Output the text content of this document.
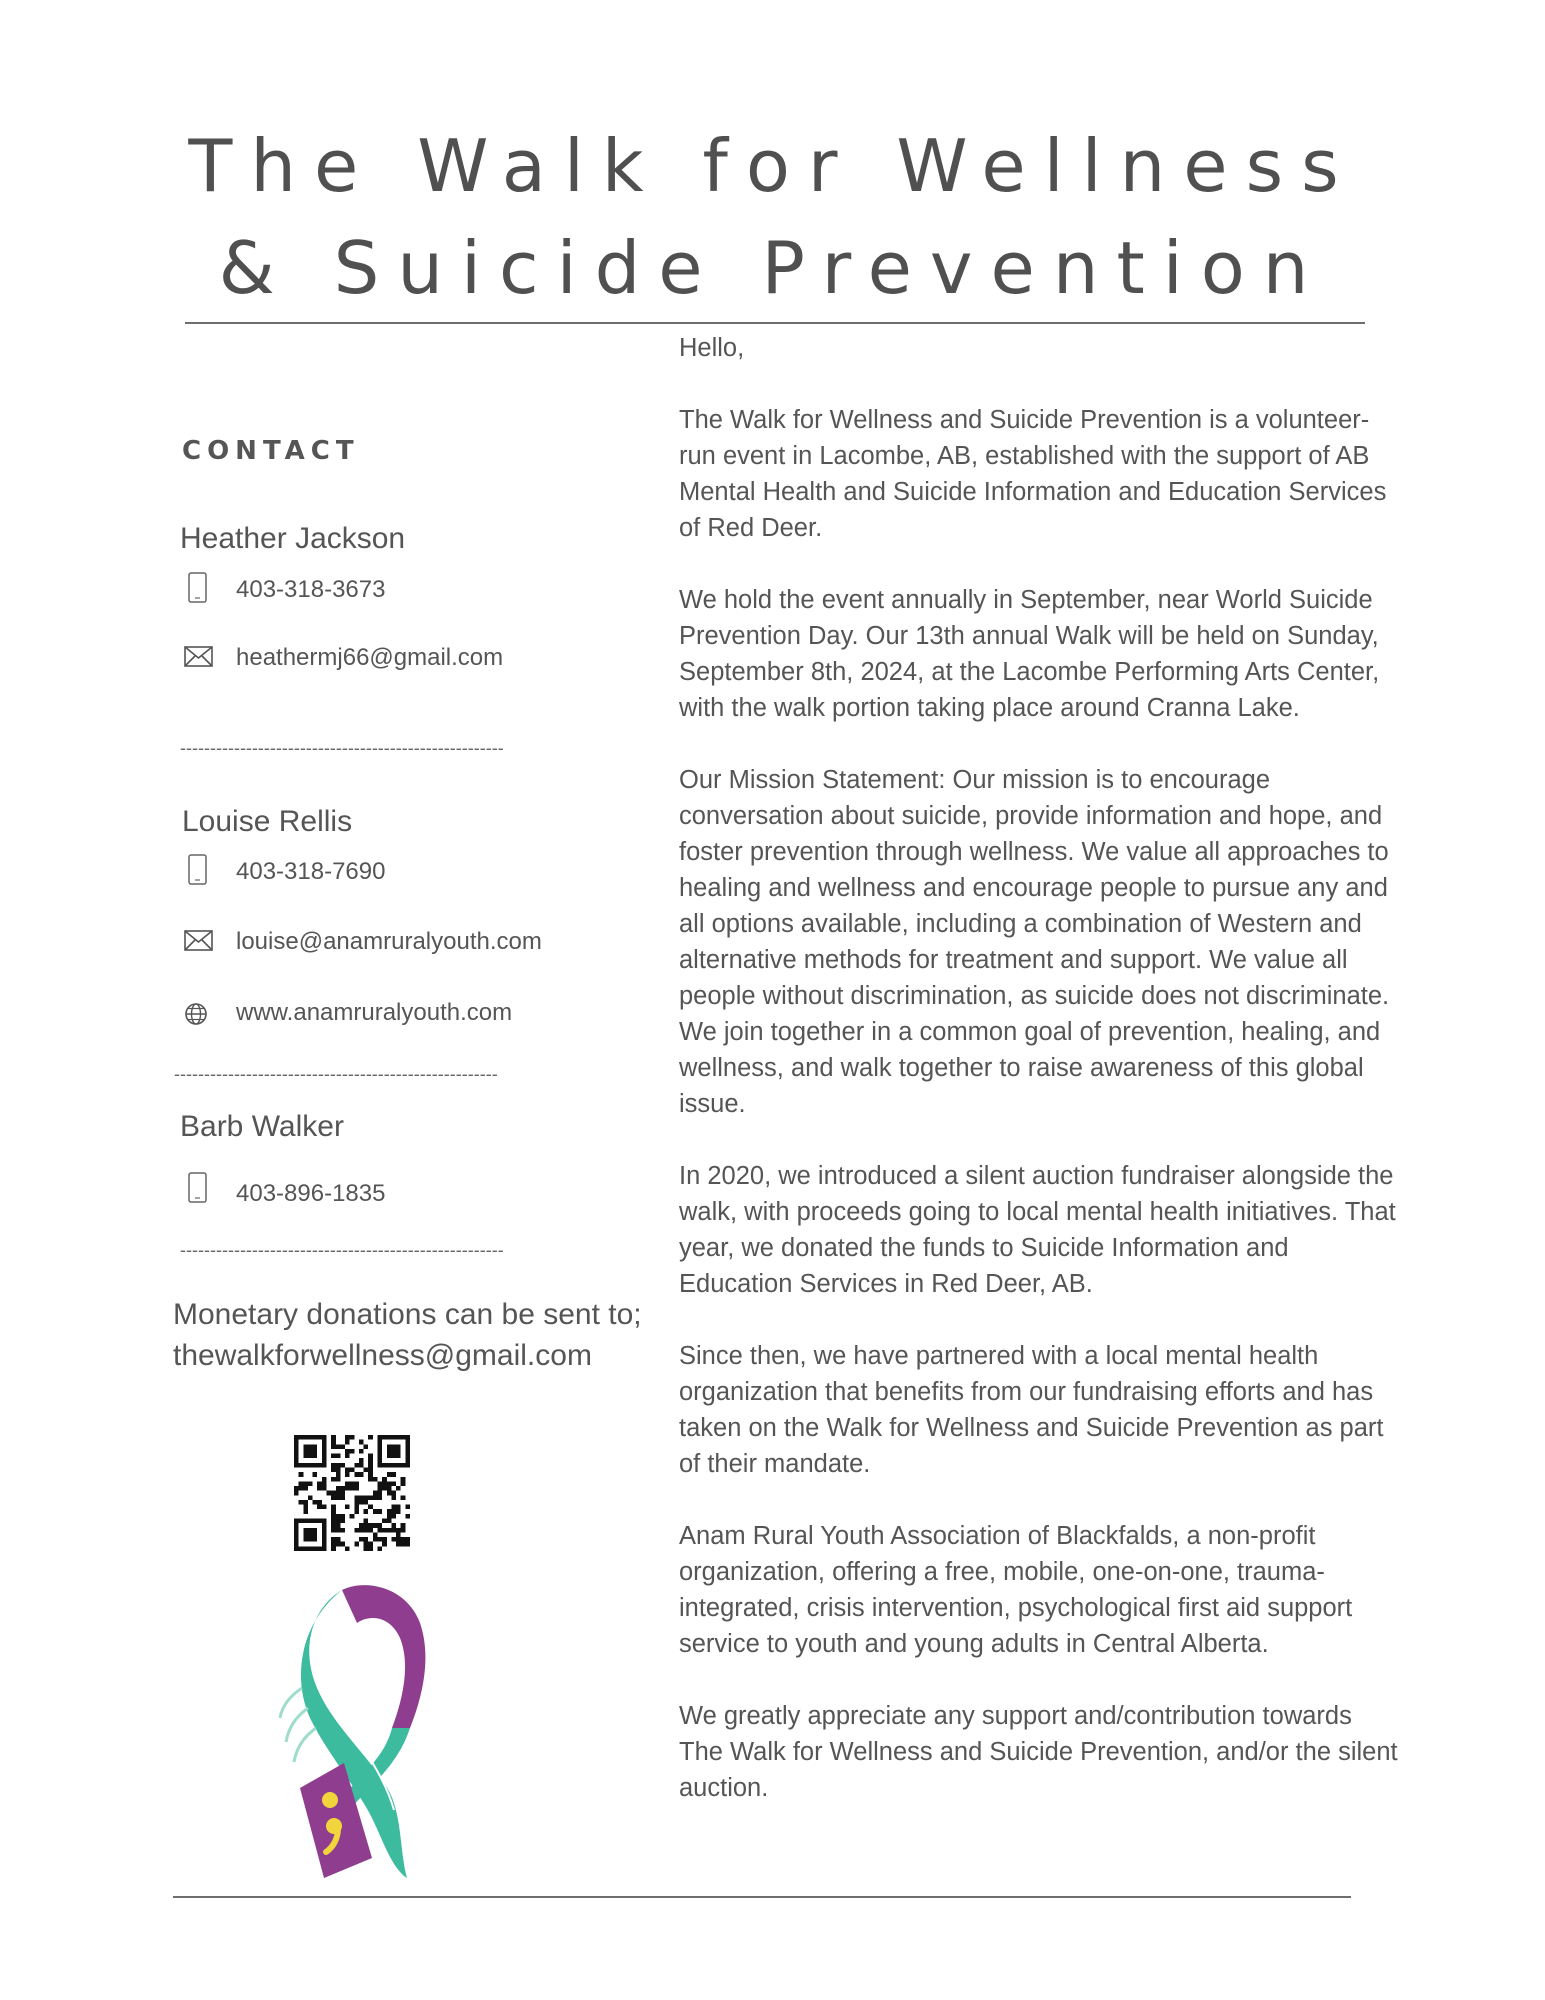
The Walk for Wellness
& Suicide Prevention
CONTACT
Heather Jackson
403-318-3673
heathermj66@gmail.com
------------------------------------------------------
Louise Rellis
403-318-7690
louise@anamruralyouth.com
www.anamruralyouth.com
------------------------------------------------------
Barb Walker
403-896-1835
------------------------------------------------------
Monetary donations can be sent to;
thewalkforwellness@gmail.com

Hello,

The Walk for Wellness and Suicide Prevention is a volunteer-run event in Lacombe, AB, established with the support of AB Mental Health and Suicide Information and Education Services of Red Deer.

We hold the event annually in September, near World Suicide Prevention Day. Our 13th annual Walk will be held on Sunday, September 8th, 2024, at the Lacombe Performing Arts Center, with the walk portion taking place around Cranna Lake.

Our Mission Statement: Our mission is to encourage conversation about suicide, provide information and hope, and foster prevention through wellness. We value all approaches to healing and wellness and encourage people to pursue any and all options available, including a combination of Western and alternative methods for treatment and support. We value all people without discrimination, as suicide does not discriminate. We join together in a common goal of prevention, healing, and wellness, and walk together to raise awareness of this global issue.

In 2020, we introduced a silent auction fundraiser alongside the walk, with proceeds going to local mental health initiatives. That year, we donated the funds to Suicide Information and Education Services in Red Deer, AB.

Since then, we have partnered with a local mental health organization that benefits from our fundraising efforts and has taken on the Walk for Wellness and Suicide Prevention as part of their mandate.

Anam Rural Youth Association of Blackfalds, a non-profit organization, offering a free, mobile, one-on-one, trauma-integrated, crisis intervention, psychological first aid support service to youth and young adults in Central Alberta.

We greatly appreciate any support and/contribution towards The Walk for Wellness and Suicide Prevention, and/or the silent auction.
